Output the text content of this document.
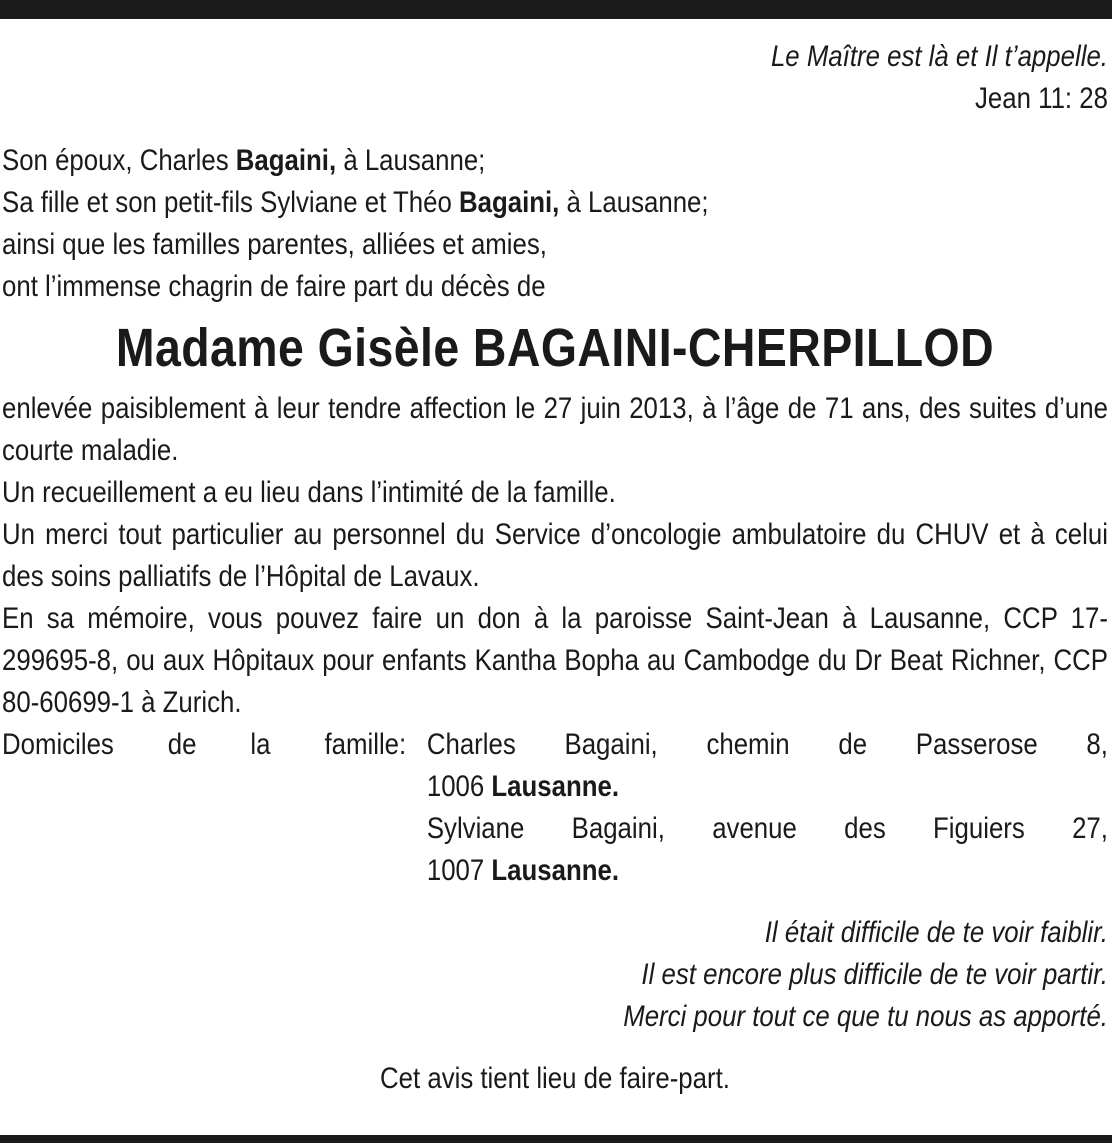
Le Maître est là et Il t’appelle.
Jean 11: 28
Son époux, Charles Bagaini, à Lausanne;
Sa fille et son petit-fils Sylviane et Théo Bagaini, à Lausanne;
ainsi que les familles parentes, alliées et amies,
ont l’immense chagrin de faire part du décès de
Madame Gisèle BAGAINI-CHERPILLOD
enlevée paisiblement à leur tendre affection le 27 juin 2013, à l’âge de 71 ans, des suites d’une courte maladie.
Un recueillement a eu lieu dans l’intimité de la famille.
Un merci tout particulier au personnel du Service d’oncologie ambulatoire du CHUV et à celui des soins palliatifs de l’Hôpital de Lavaux.
En sa mémoire, vous pouvez faire un don à la paroisse Saint-Jean à Lausanne, CCP 17-299695-8, ou aux Hôpitaux pour enfants Kantha Bopha au Cambodge du Dr Beat Richner, CCP 80-60699-1 à Zurich.
Domiciles de la famille: Charles Bagaini, chemin de Passerose 8,
1006 Lausanne.
Sylviane Bagaini, avenue des Figuiers 27,
1007 Lausanne.
Il était difficile de te voir faiblir.
Il est encore plus difficile de te voir partir.
Merci pour tout ce que tu nous as apporté.
Cet avis tient lieu de faire-part.
